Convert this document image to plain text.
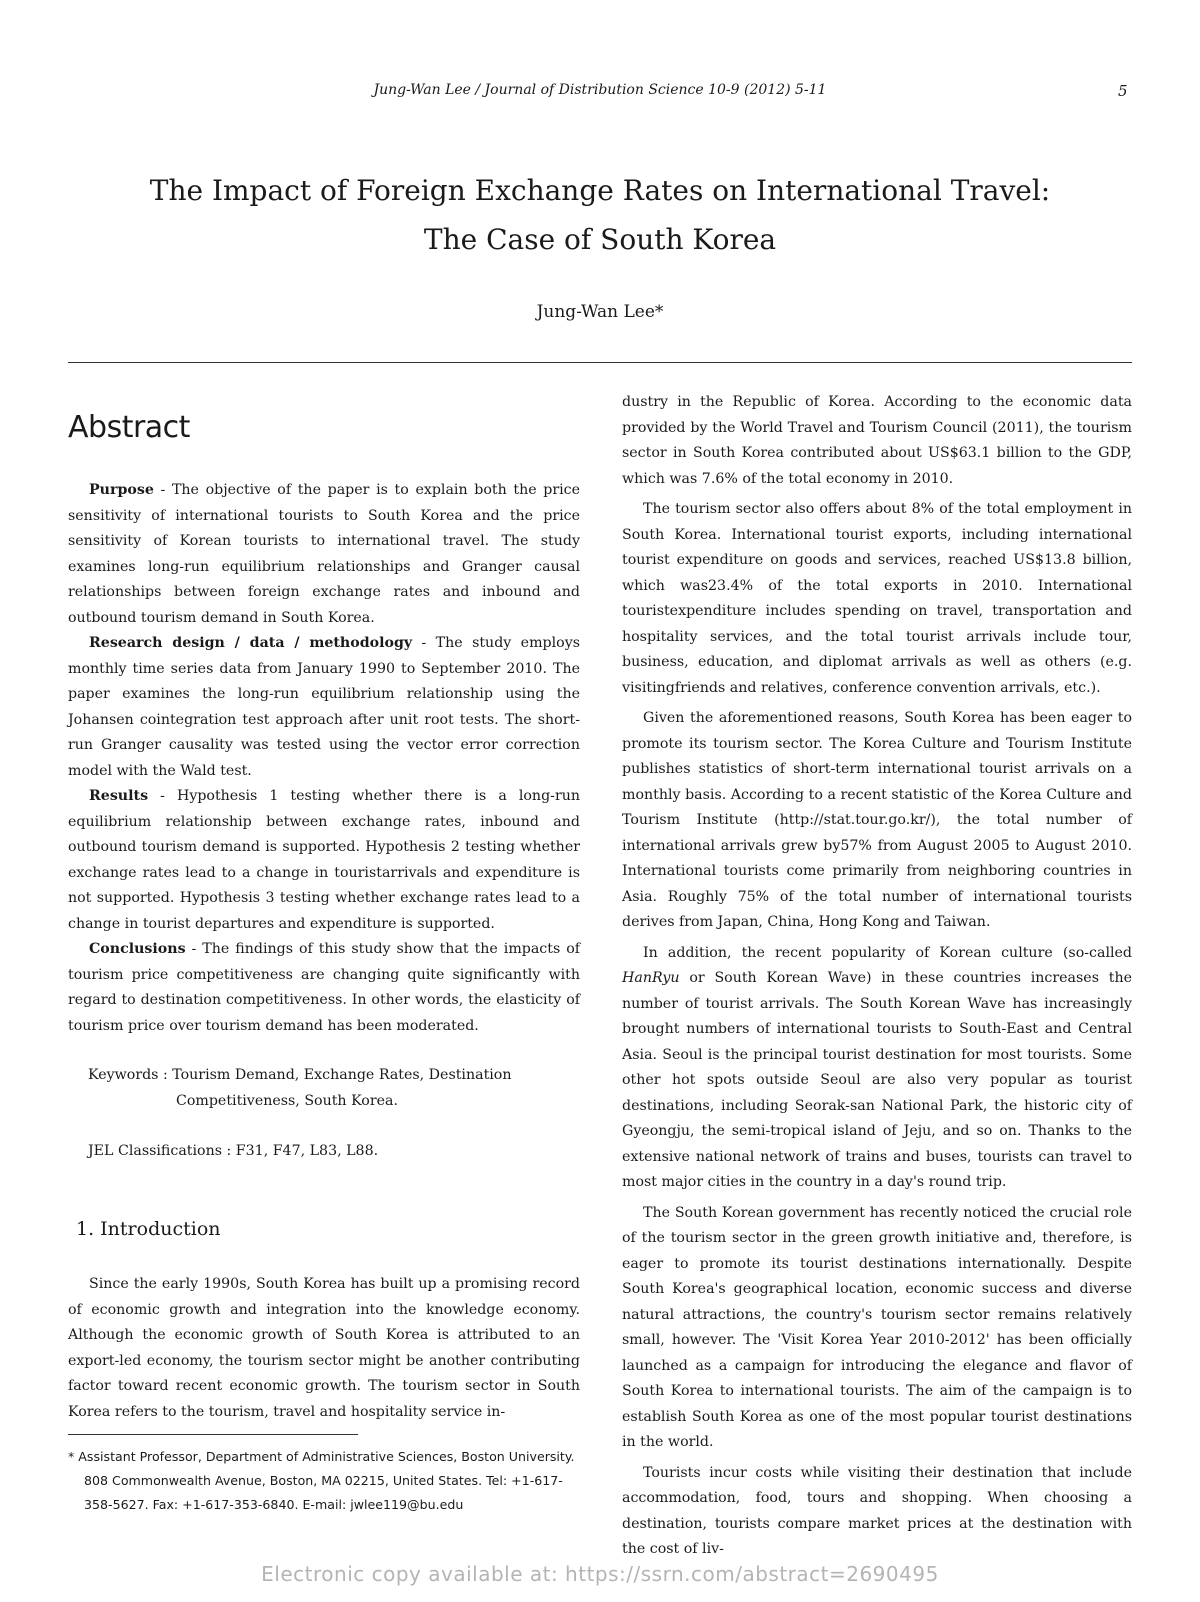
Jung-Wan Lee / Journal of Distribution Science 10-9 (2012) 5-11	5
The Impact of Foreign Exchange Rates on International Travel:
The Case of South Korea
Jung-Wan Lee*
Abstract

Purpose - The objective of the paper is to explain both the price sensitivity of international tourists to South Korea and the price sensitivity of Korean tourists to international travel. The study examines long-run equilibrium relationships and Granger causal relationships between foreign exchange rates and inbound and outbound tourism demand in South Korea.

Research design / data / methodology - The study employs monthly time series data from January 1990 to September 2010. The paper examines the long-run equilibrium relationship using the Johansen cointegration test approach after unit root tests. The short-run Granger causality was tested using the vector error correction model with the Wald test.

Results - Hypothesis 1 testing whether there is a long-run equilibrium relationship between exchange rates, inbound and outbound tourism demand is supported. Hypothesis 2 testing whether exchange rates lead to a change in touristarrivals and expenditure is not supported. Hypothesis 3 testing whether exchange rates lead to a change in tourist departures and expenditure is supported.

Conclusions - The findings of this study show that the impacts of tourism price competitiveness are changing quite significantly with regard to destination competitiveness. In other words, the elasticity of tourism price over tourism demand has been moderated.

Keywords : Tourism Demand, Exchange Rates, Destination Competitiveness, South Korea.
JEL Classifications : F31, F47, L83, L88.
1. Introduction

Since the early 1990s, South Korea has built up a promising record of economic growth and integration into the knowledge economy. Although the economic growth of South Korea is attributed to an export-led economy, the tourism sector might be another contributing factor toward recent economic growth. The tourism sector in South Korea refers to the tourism, travel and hospitality service in-

* Assistant Professor, Department of Administrative Sciences, Boston University. 808 Commonwealth Avenue, Boston, MA 02215, United States. Tel: +1-617-358-5627. Fax: +1-617-353-6840. E-mail: jwlee119@bu.edu

dustry in the Republic of Korea. According to the economic data provided by the World Travel and Tourism Council (2011), the tourism sector in South Korea contributed about US$63.1 billion to the GDP, which was 7.6% of the total economy in 2010.

The tourism sector also offers about 8% of the total employment in South Korea. International tourist exports, including international tourist expenditure on goods and services, reached US$13.8 billion, which was23.4% of the total exports in 2010. International touristexpenditure includes spending on travel, transportation and hospitality services, and the total tourist arrivals include tour, business, education, and diplomat arrivals as well as others (e.g. visitingfriends and relatives, conference convention arrivals, etc.).

Given the aforementioned reasons, South Korea has been eager to promote its tourism sector. The Korea Culture and Tourism Institute publishes statistics of short-term international tourist arrivals on a monthly basis. According to a recent statistic of the Korea Culture and Tourism Institute (http://stat.tour.go.kr/), the total number of international arrivals grew by57% from August 2005 to August 2010. International tourists come primarily from neighboring countries in Asia. Roughly 75% of the total number of international tourists derives from Japan, China, Hong Kong and Taiwan.

In addition, the recent popularity of Korean culture (so-called HanRyu or South Korean Wave) in these countries increases the number of tourist arrivals. The South Korean Wave has increasingly brought numbers of international tourists to South-East and Central Asia. Seoul is the principal tourist destination for most tourists. Some other hot spots outside Seoul are also very popular as tourist destinations, including Seorak-san National Park, the historic city of Gyeongju, the semi-tropical island of Jeju, and so on. Thanks to the extensive national network of trains and buses, tourists can travel to most major cities in the country in a day's round trip.

The South Korean government has recently noticed the crucial role of the tourism sector in the green growth initiative and, therefore, is eager to promote its tourist destinations internationally. Despite South Korea's geographical location, economic success and diverse natural attractions, the country's tourism sector remains relatively small, however. The 'Visit Korea Year 2010-2012' has been officially launched as a campaign for introducing the elegance and flavor of South Korea to international tourists. The aim of the campaign is to establish South Korea as one of the most popular tourist destinations in the world.

Tourists incur costs while visiting their destination that include accommodation, food, tours and shopping. When choosing a destination, tourists compare market prices at the destination with the cost of liv-

Electronic copy available at: https://ssrn.com/abstract=2690495
